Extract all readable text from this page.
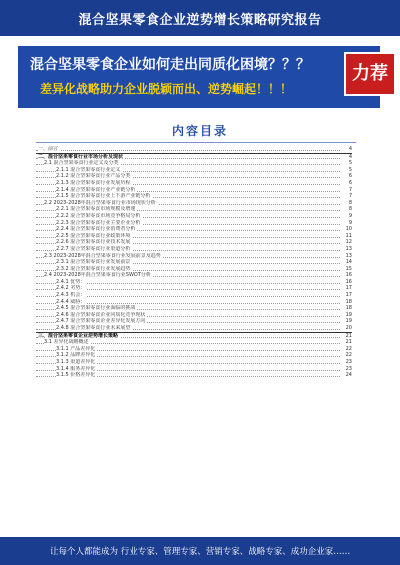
混合坚果零食企业逆势增长策略研究报告
混合坚果零食企业如何走出同质化困境？？？
差异化战略助力企业脱颖而出、逆势崛起！！！
力荐
内容目录
一、前言	4
二、混合坚果零食行业市场分析及现状	4
2.1 混合坚果零食行业定义及分类	5
2.1.1 混合坚果零食行业定义	5
2.1.2 混合坚果零食行业产品分类	6
2.1.3 混合坚果零食行业发展历程	6
2.1.4 混合坚果零食行业产业链分析	7
2.1.5 混合坚果零食行业上下游产业链分析	7
2.2 2023-2028年混合坚果零食行业市场现状分析	8
2.2.1 混合坚果零食市场规模及增速	8
2.2.2 混合坚果零食市场竞争格局分析	9
2.2.3 混合坚果零食行业主要企业分析	9
2.2.4 混合坚果零食行业消费者分析	10
2.2.5 混合坚果零食行业政策环境	11
2.2.6 混合坚果零食行业技术发展	12
2.2.7 混合坚果零食行业渠道分析	13
2.3 2023-2028年混合坚果零食行业发展前景及趋势	13
2.3.1 混合坚果零食行业发展前景	14
2.3.2 混合坚果零食行业发展趋势	15
2.4 2023-2028年混合坚果零食行业SWOT分析	16
2.4.1 优势：	16
2.4.2 劣势：	17
2.4.3 机会：	17
2.4.4 威胁：	18
2.4.5 混合坚果零食行业面临的挑战	18
2.4.6 混合坚果零食企业同质化竞争现状	19
2.4.7 混合坚果零食企业差异化发展方向	19
2.4.8 混合坚果零食行业未来展望	20
三、混合坚果零食企业逆势增长策略	21
3.1 差异化战略概述	21
3.1.1 产品差异化	22
3.1.2 品牌差异化	22
3.1.3 渠道差异化	23
3.1.4 服务差异化	23
3.1.5 价格差异化	24
让每个人都能成为 行业专家、管理专家、营销专家、战略专家、成功企业家……
